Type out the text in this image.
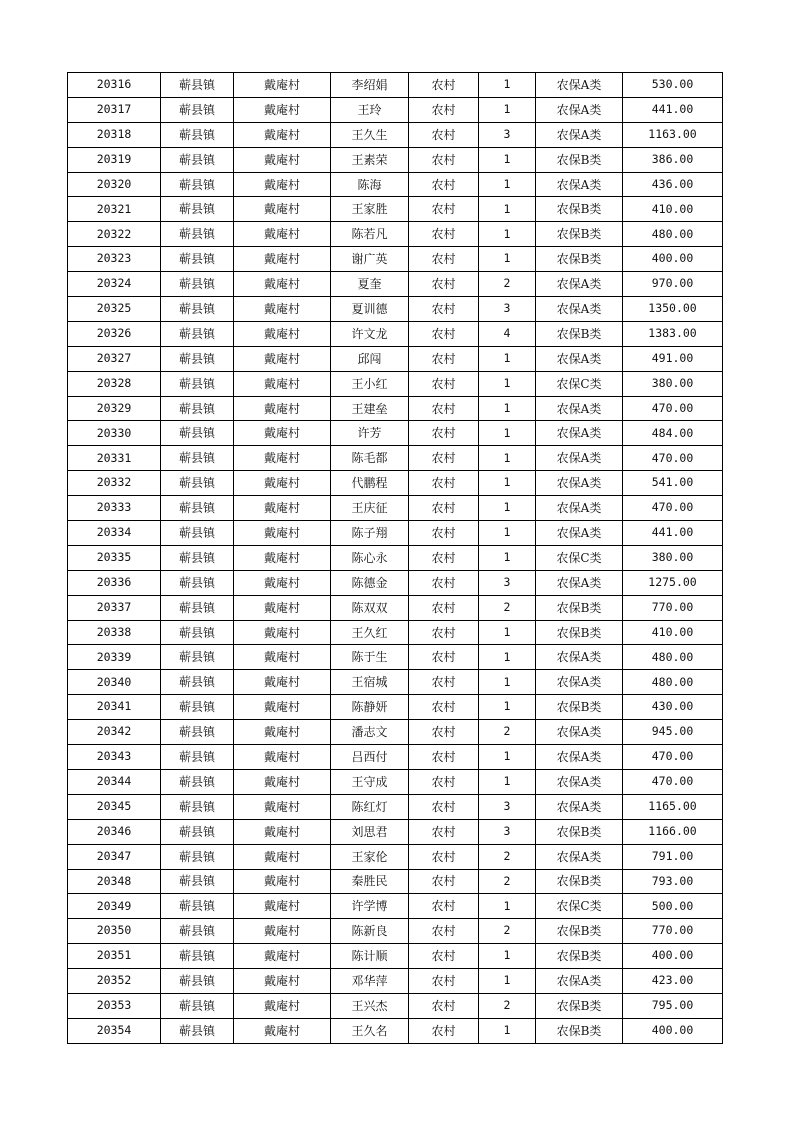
20316	蕲县镇	戴庵村	李绍娟	农村	1	农保A类	530.00
20317	蕲县镇	戴庵村	王玲	农村	1	农保A类	441.00
20318	蕲县镇	戴庵村	王久生	农村	3	农保A类	1163.00
20319	蕲县镇	戴庵村	王素荣	农村	1	农保B类	386.00
20320	蕲县镇	戴庵村	陈海	农村	1	农保A类	436.00
20321	蕲县镇	戴庵村	王家胜	农村	1	农保B类	410.00
20322	蕲县镇	戴庵村	陈若凡	农村	1	农保B类	480.00
20323	蕲县镇	戴庵村	谢广英	农村	1	农保B类	400.00
20324	蕲县镇	戴庵村	夏奎	农村	2	农保A类	970.00
20325	蕲县镇	戴庵村	夏训德	农村	3	农保A类	1350.00
20326	蕲县镇	戴庵村	许文龙	农村	4	农保B类	1383.00
20327	蕲县镇	戴庵村	邱闯	农村	1	农保A类	491.00
20328	蕲县镇	戴庵村	王小红	农村	1	农保C类	380.00
20329	蕲县镇	戴庵村	王建垒	农村	1	农保A类	470.00
20330	蕲县镇	戴庵村	许芳	农村	1	农保A类	484.00
20331	蕲县镇	戴庵村	陈毛都	农村	1	农保A类	470.00
20332	蕲县镇	戴庵村	代鹏程	农村	1	农保A类	541.00
20333	蕲县镇	戴庵村	王庆征	农村	1	农保A类	470.00
20334	蕲县镇	戴庵村	陈子翔	农村	1	农保A类	441.00
20335	蕲县镇	戴庵村	陈心永	农村	1	农保C类	380.00
20336	蕲县镇	戴庵村	陈德金	农村	3	农保A类	1275.00
20337	蕲县镇	戴庵村	陈双双	农村	2	农保B类	770.00
20338	蕲县镇	戴庵村	王久红	农村	1	农保B类	410.00
20339	蕲县镇	戴庵村	陈于生	农村	1	农保A类	480.00
20340	蕲县镇	戴庵村	王宿城	农村	1	农保A类	480.00
20341	蕲县镇	戴庵村	陈静妍	农村	1	农保B类	430.00
20342	蕲县镇	戴庵村	潘志文	农村	2	农保A类	945.00
20343	蕲县镇	戴庵村	吕西付	农村	1	农保A类	470.00
20344	蕲县镇	戴庵村	王守成	农村	1	农保A类	470.00
20345	蕲县镇	戴庵村	陈红灯	农村	3	农保A类	1165.00
20346	蕲县镇	戴庵村	刘思君	农村	3	农保B类	1166.00
20347	蕲县镇	戴庵村	王家伦	农村	2	农保A类	791.00
20348	蕲县镇	戴庵村	秦胜民	农村	2	农保B类	793.00
20349	蕲县镇	戴庵村	许学博	农村	1	农保C类	500.00
20350	蕲县镇	戴庵村	陈新良	农村	2	农保B类	770.00
20351	蕲县镇	戴庵村	陈计顺	农村	1	农保B类	400.00
20352	蕲县镇	戴庵村	邓华萍	农村	1	农保A类	423.00
20353	蕲县镇	戴庵村	王兴杰	农村	2	农保B类	795.00
20354	蕲县镇	戴庵村	王久名	农村	1	农保B类	400.00
